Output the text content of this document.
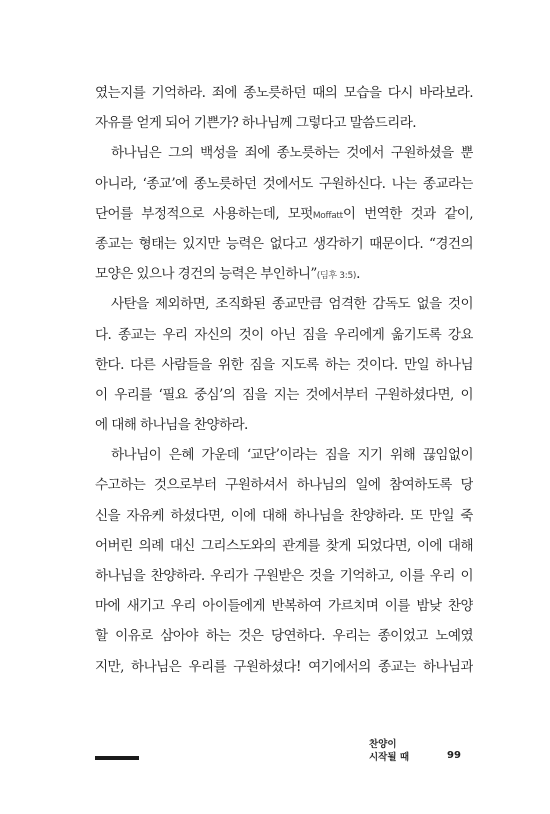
였는지를 기억하라. 죄에 종노릇하던 때의 모습을 다시 바라보라.
자유를 얻게 되어 기쁜가? 하나님께 그렇다고 말씀드리라.
하나님은 그의 백성을 죄에 종노릇하는 것에서 구원하셨을 뿐
아니라, ‘종교’에 종노릇하던 것에서도 구원하신다. 나는 종교라는
단어를 부정적으로 사용하는데, 모펏Moffatt이 번역한 것과 같이,
종교는 형태는 있지만 능력은 없다고 생각하기 때문이다. “경건의
모양은 있으나 경건의 능력은 부인하니”(딤후 3:5).
사탄을 제외하면, 조직화된 종교만큼 엄격한 감독도 없을 것이
다. 종교는 우리 자신의 것이 아닌 짐을 우리에게 옮기도록 강요
한다. 다른 사람들을 위한 짐을 지도록 하는 것이다. 만일 하나님
이 우리를 ‘필요 중심’의 짐을 지는 것에서부터 구원하셨다면, 이
에 대해 하나님을 찬양하라.
하나님이 은혜 가운데 ‘교단’이라는 짐을 지기 위해 끊임없이
수고하는 것으로부터 구원하셔서 하나님의 일에 참여하도록 당
신을 자유케 하셨다면, 이에 대해 하나님을 찬양하라. 또 만일 죽
어버린 의례 대신 그리스도와의 관계를 찾게 되었다면, 이에 대해
하나님을 찬양하라. 우리가 구원받은 것을 기억하고, 이를 우리 이
마에 새기고 우리 아이들에게 반복하여 가르치며 이를 밤낮 찬양
할 이유로 삼아야 하는 것은 당연하다. 우리는 종이었고 노예였
지만, 하나님은 우리를 구원하셨다! 여기에서의 종교는 하나님과
찬양이
시작될 때	99
